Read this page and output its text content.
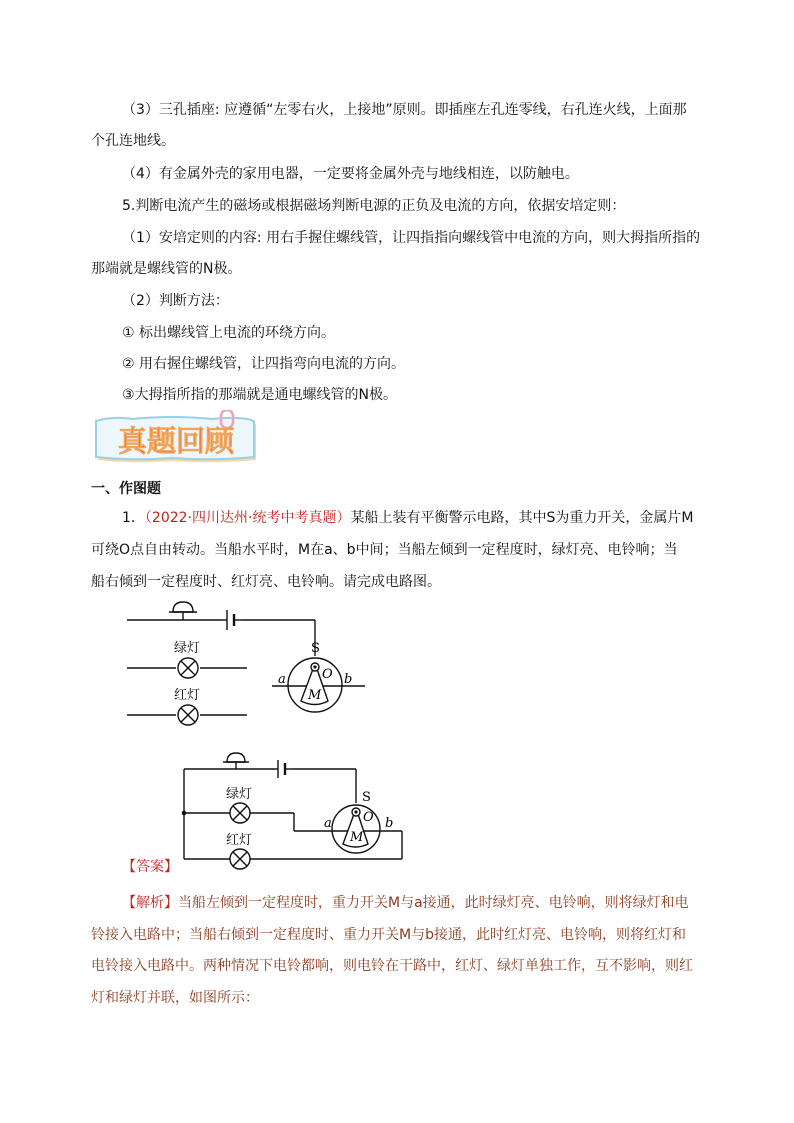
（3）三孔插座: 应遵循“左零右火，上接地”原则。即插座左孔连零线，右孔连火线，上面那
个孔连地线。
（4）有金属外壳的家用电器，一定要将金属外壳与地线相连，以防触电。
5.判断电流产生的磁场或根据磁场判断电源的正负及电流的方向，依据安培定则：
（1）安培定则的内容: 用右手握住螺线管，让四指指向螺线管中电流的方向，则大拇指所指的
那端就是螺线管的N极。
（2）判断方法：
① 标出螺线管上电流的环绕方向。
② 用右握住螺线管，让四指弯向电流的方向。
③大拇指所指的那端就是通电螺线管的N极。
真题回顾
一、作图题
1．（2022·四川达州·统考中考真题）某船上装有平衡警示电路，其中S为重力开关，金属片M
可绕O点自由转动。当船水平时，M在a、b中间；当船左倾到一定程度时，绿灯亮、电铃响；当
船右倾到一定程度时、红灯亮、电铃响。请完成电路图。
绿灯
红灯
S
O
M
a	b
绿灯
红灯
S
O
M
a	b
【答案】
【解析】当船左倾到一定程度时，重力开关M与a接通，此时绿灯亮、电铃响，则将绿灯和电
铃接入电路中；当船右倾到一定程度时、重力开关M与b接通，此时红灯亮、电铃响，则将红灯和
电铃接入电路中。两种情况下电铃都响，则电铃在干路中，红灯、绿灯单独工作，互不影响，则红
灯和绿灯并联，如图所示：
